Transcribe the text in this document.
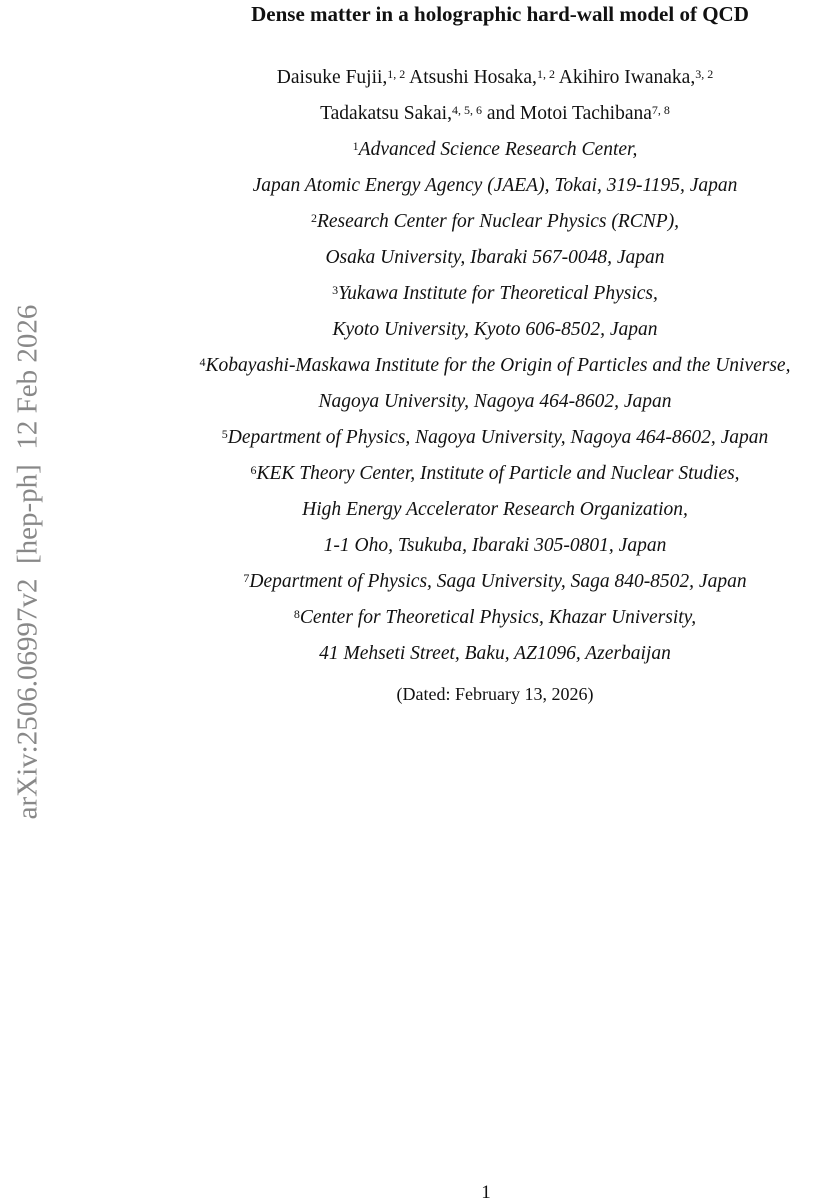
arXiv:2506.06997v2  [hep-ph]  12 Feb 2026
Dense matter in a holographic hard-wall model of QCD
Daisuke Fujii,$^{1, 2}$ Atsushi Hosaka,$^{1, 2}$ Akihiro Iwanaka,$^{3, 2}$
Tadakatsu Sakai,$^{4, 5, 6}$ and Motoi Tachibana$^{7, 8}$
$^1$Advanced Science Research Center,
Japan Atomic Energy Agency (JAEA), Tokai, 319-1195, Japan
$^2$Research Center for Nuclear Physics (RCNP),
Osaka University, Ibaraki 567-0048, Japan
$^3$Yukawa Institute for Theoretical Physics,
Kyoto University, Kyoto 606-8502, Japan
$^4$Kobayashi-Maskawa Institute for the Origin of Particles and the Universe,
Nagoya University, Nagoya 464-8602, Japan
$^5$Department of Physics, Nagoya University, Nagoya 464-8602, Japan
$^6$KEK Theory Center, Institute of Particle and Nuclear Studies,
High Energy Accelerator Research Organization,
1-1 Oho, Tsukuba, Ibaraki 305-0801, Japan
$^7$Department of Physics, Saga University, Saga 840-8502, Japan
$^8$Center for Theoretical Physics, Khazar University,
41 Mehseti Street, Baku, AZ1096, Azerbaijan
(Dated: February 13, 2026)
1
